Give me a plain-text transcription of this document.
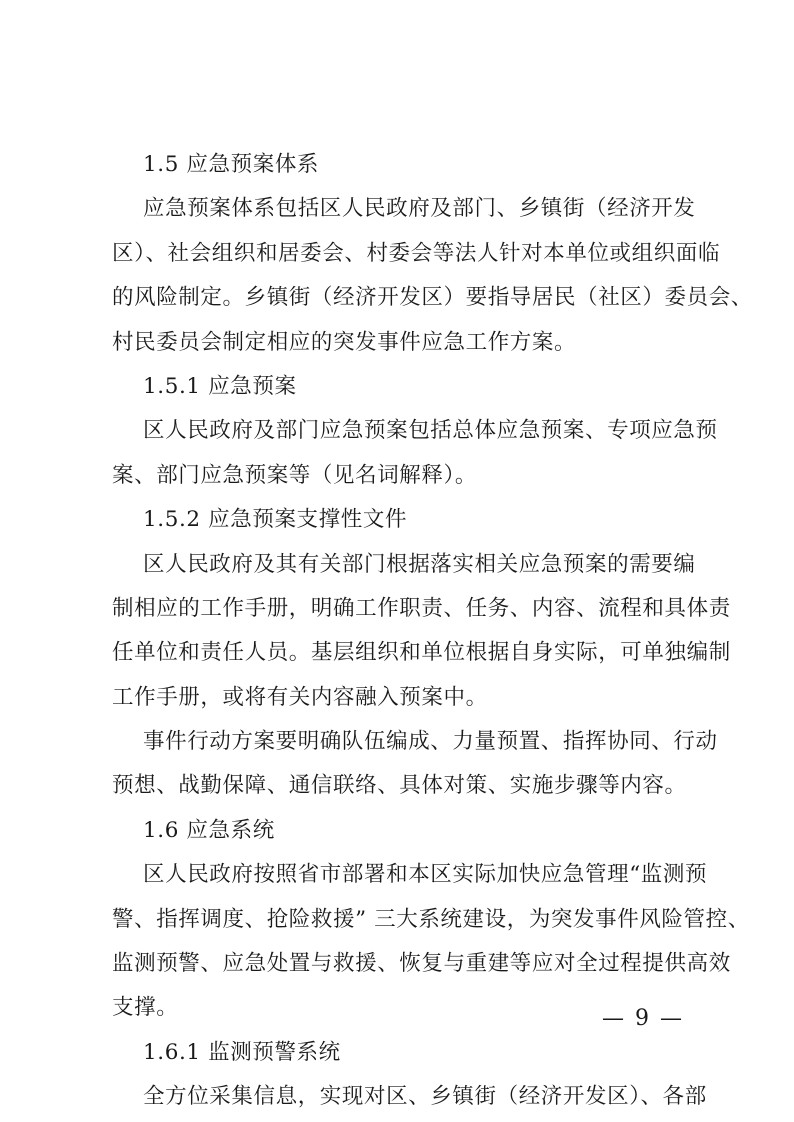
1.5 应急预案体系
应急预案体系包括区人民政府及部门、乡镇街（经济开发
区）、社会组织和居委会、村委会等法人针对本单位或组织面临
的风险制定。乡镇街（经济开发区）要指导居民（社区）委员会、
村民委员会制定相应的突发事件应急工作方案。
1.5.1 应急预案
区人民政府及部门应急预案包括总体应急预案、专项应急预
案、部门应急预案等（见名词解释）。
1.5.2 应急预案支撑性文件
区人民政府及其有关部门根据落实相关应急预案的需要编
制相应的工作手册，明确工作职责、任务、内容、流程和具体责
任单位和责任人员。基层组织和单位根据自身实际，可单独编制
工作手册，或将有关内容融入预案中。
事件行动方案要明确队伍编成、力量预置、指挥协同、行动
预想、战勤保障、通信联络、具体对策、实施步骤等内容。
1.6 应急系统
区人民政府按照省市部署和本区实际加快应急管理“监测预
警、指挥调度、抢险救援” 三大系统建设，为突发事件风险管控、
监测预警、应急处置与救援、恢复与重建等应对全过程提供高效
支撑。
1.6.1 监测预警系统
全方位采集信息，实现对区、乡镇街（经济开发区）、各部
— 9 —
